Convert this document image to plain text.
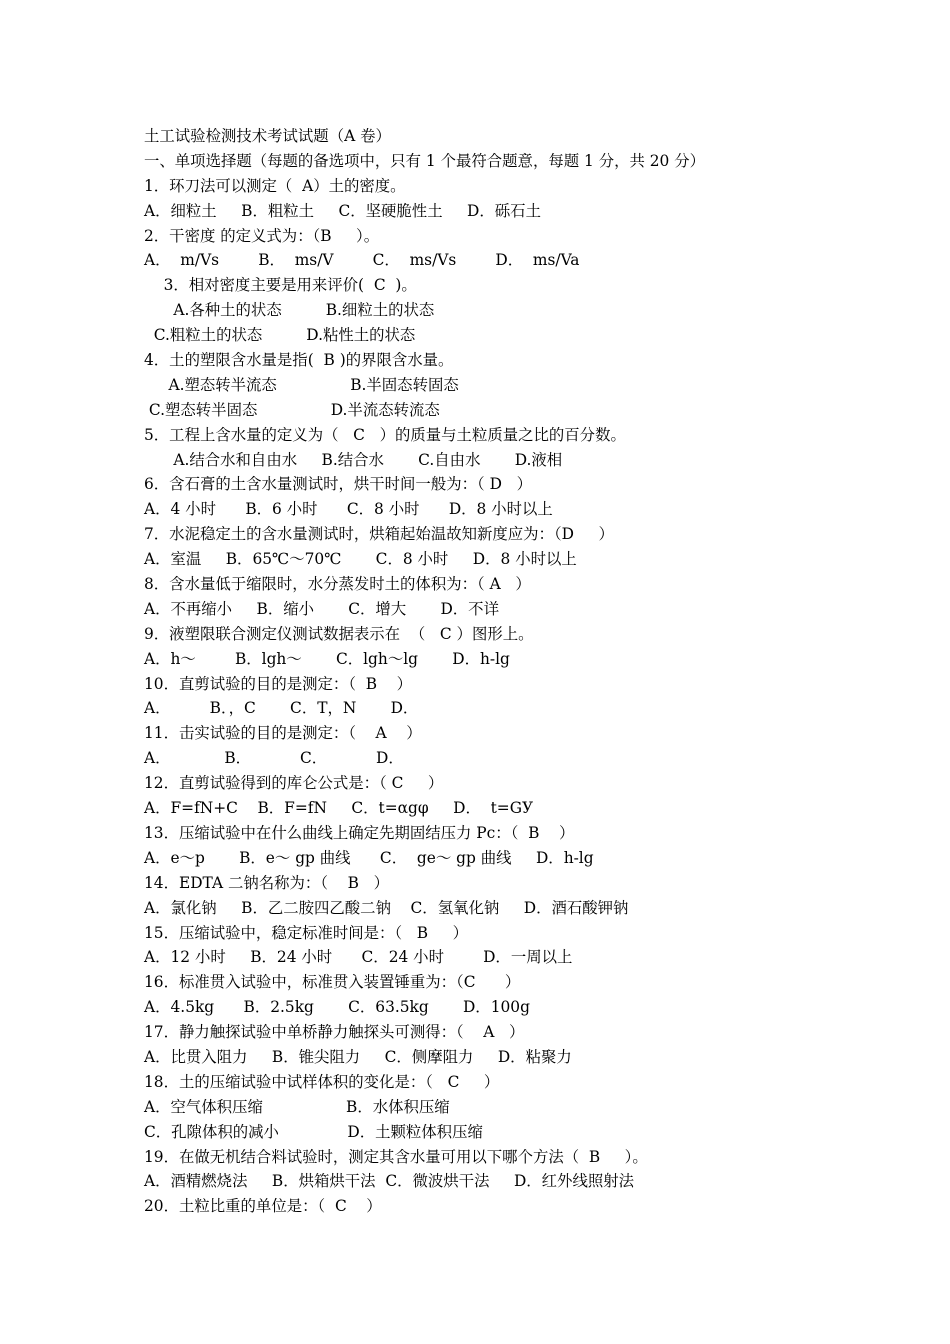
土工试验检测技术考试试题（A 卷）
一、单项选择题（每题的备选项中，只有 1 个最符合题意，每题 1 分，共 20 分）
1．环刀法可以测定（  A）土的密度。
A．细粒土     B．粗粒土     C．坚硬脆性土     D．砾石土
2．干密度 的定义式为：（B     ）。
A．  m/Vs        B．  ms/V        C．  ms/Vs        D．  ms/Va
3．相对密度主要是用来评价(  C  )。
A.各种土的状态         B.细粒土的状态
C.粗粒土的状态         D.粘性土的状态
4．土的塑限含水量是指(  B )的界限含水量。
A.塑态转半流态               B.半固态转固态
C.塑态转半固态               D.半流态转流态
5．工程上含水量的定义为（   C   ）的质量与土粒质量之比的百分数。
A.结合水和自由水     B.结合水       C.自由水       D.液相
6．含石膏的土含水量测试时，烘干时间一般为：（ D   ）
A．4 小时      B．6 小时      C．8 小时      D．8 小时以上
7．水泥稳定土的含水量测试时，烘箱起始温故知新度应为：（D     ）
A．室温     B．65℃～70℃       C．8 小时     D．8 小时以上
8．含水量低于缩限时，水分蒸发时土的体积为：（ A   ）
A．不再缩小     B．缩小       C．增大       D．不详
9．液塑限联合测定仪测试数据表示在  （   C ）图形上。
A．h～        B．lgh～       C．lgh～lg       D．h-lg
10．直剪试验的目的是测定：（  B    ）
A．        B．，C       C．T，N       D．
11．击实试验的目的是测定：（    A    ）
A．           B．          C．          D．
12．直剪试验得到的库仑公式是：（ C     ）
A．F=fN+C    B．F=fN     C．t=αgφ     D．  t=GУ
13．压缩试验中在什么曲线上确定先期固结压力 Pc：（  B    ）
A．e～p       B．e～ gp 曲线      C．  ge～ gp 曲线     D．h-lg
14．EDTA 二钠名称为：（    B   ）
A．氯化钠     B．乙二胺四乙酸二钠    C．氢氧化钠     D．酒石酸钾钠
15．压缩试验中，稳定标准时间是：（   B     ）
A．12 小时     B．24 小时      C．24 小时        D．一周以上
16．标准贯入试验中，标准贯入装置锤重为：（C      ）
A．4.5kg      B．2.5kg       C．63.5kg       D．100g
17．静力触探试验中单桥静力触探头可测得：（    A   ）
A．比贯入阻力     B．锥尖阻力     C．侧摩阻力     D．粘聚力
18．土的压缩试验中试样体积的变化是：（   C     ）
A．空气体积压缩                 B．水体积压缩
C．孔隙体积的减小              D．土颗粒体积压缩
19．在做无机结合料试验时，测定其含水量可用以下哪个方法（  B     ）。
A．酒精燃烧法     B．烘箱烘干法  C．微波烘干法     D．红外线照射法
20．土粒比重的单位是：（  C    ）
